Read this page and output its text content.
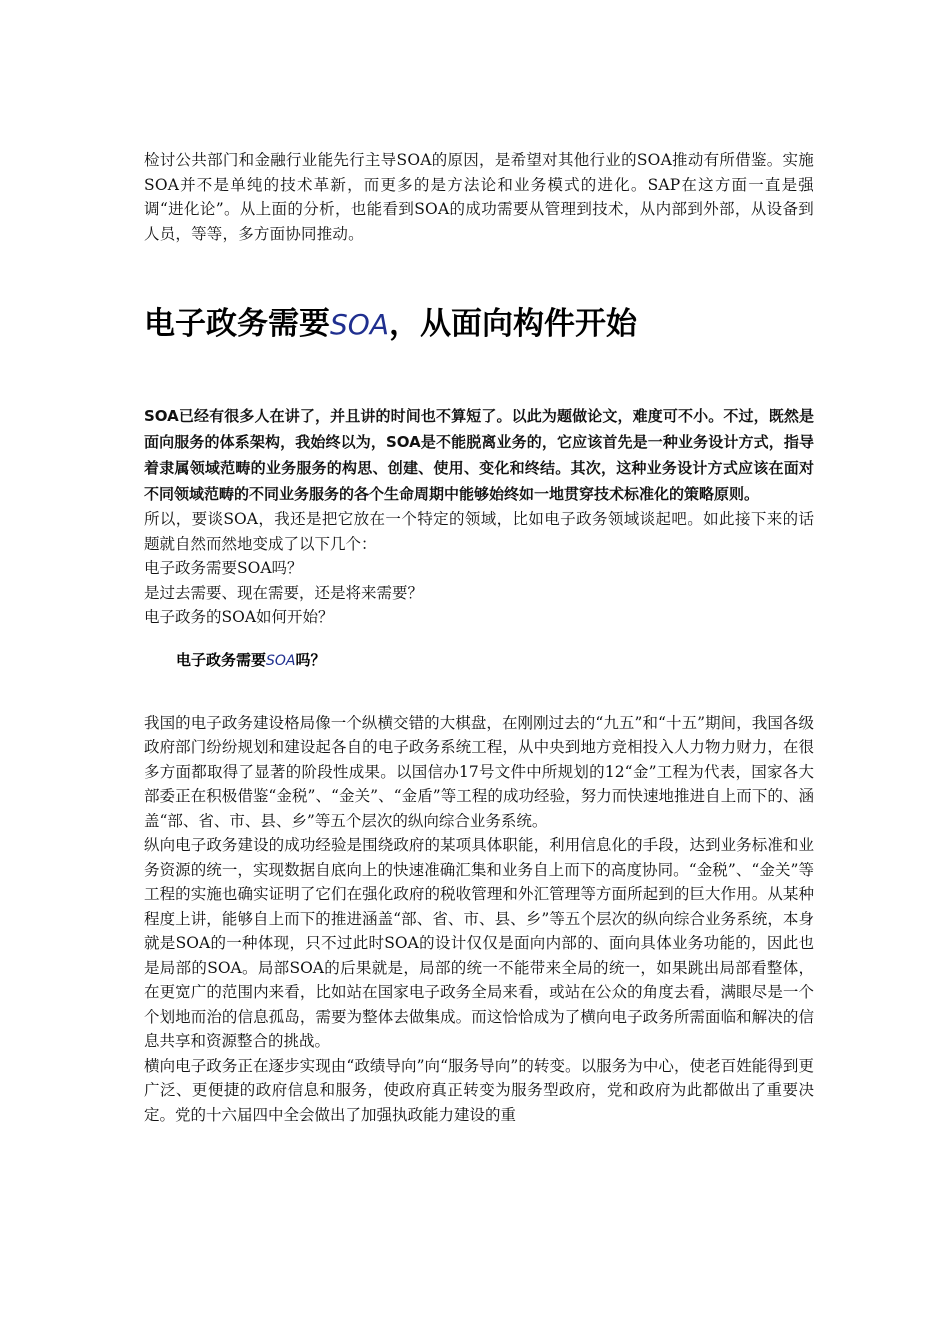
检讨公共部门和金融行业能先行主导SOA的原因，是希望对其他行业的SOA推动有所借鉴。实施SOA并不是单纯的技术革新，而更多的是方法论和业务模式的进化。SAP在这方面一直是强调“进化论”。从上面的分析，也能看到SOA的成功需要从管理到技术，从内部到外部，从设备到人员，等等，多方面协同推动。

电子政务需要SOA，从面向构件开始

SOA已经有很多人在讲了，并且讲的时间也不算短了。以此为题做论文，难度可不小。不过，既然是面向服务的体系架构，我始终以为，SOA是不能脱离业务的，它应该首先是一种业务设计方式，指导着隶属领域范畴的业务服务的构思、创建、使用、变化和终结。其次，这种业务设计方式应该在面对不同领域范畴的不同业务服务的各个生命周期中能够始终如一地贯穿技术标准化的策略原则。

所以，要谈SOA，我还是把它放在一个特定的领域，比如电子政务领域谈起吧。如此接下来的话题就自然而然地变成了以下几个：

电子政务需要SOA吗？

是过去需要、现在需要，还是将来需要？

电子政务的SOA如何开始？

电子政务需要SOA吗？

我国的电子政务建设格局像一个纵横交错的大棋盘，在刚刚过去的“九五”和“十五”期间，我国各级政府部门纷纷规划和建设起各自的电子政务系统工程，从中央到地方竞相投入人力物力财力，在很多方面都取得了显著的阶段性成果。以国信办17号文件中所规划的12“金”工程为代表，国家各大部委正在积极借鉴“金税”、“金关”、“金盾”等工程的成功经验，努力而快速地推进自上而下的、涵盖“部、省、市、县、乡”等五个层次的纵向综合业务系统。

纵向电子政务建设的成功经验是围绕政府的某项具体职能，利用信息化的手段，达到业务标准和业务资源的统一，实现数据自底向上的快速准确汇集和业务自上而下的高度协同。“金税”、“金关”等工程的实施也确实证明了它们在强化政府的税收管理和外汇管理等方面所起到的巨大作用。从某种程度上讲，能够自上而下的推进涵盖“部、省、市、县、乡”等五个层次的纵向综合业务系统，本身就是SOA的一种体现，只不过此时SOA的设计仅仅是面向内部的、面向具体业务功能的，因此也是局部的SOA。局部SOA的后果就是，局部的统一不能带来全局的统一，如果跳出局部看整体，在更宽广的范围内来看，比如站在国家电子政务全局来看，或站在公众的角度去看，满眼尽是一个个划地而治的信息孤岛，需要为整体去做集成。而这恰恰成为了横向电子政务所需面临和解决的信息共享和资源整合的挑战。

横向电子政务正在逐步实现由“政绩导向”向“服务导向”的转变。以服务为中心，使老百姓能得到更广泛、更便捷的政府信息和服务，使政府真正转变为服务型政府，党和政府为此都做出了重要决定。党的十六届四中全会做出了加强执政能力建设的重
